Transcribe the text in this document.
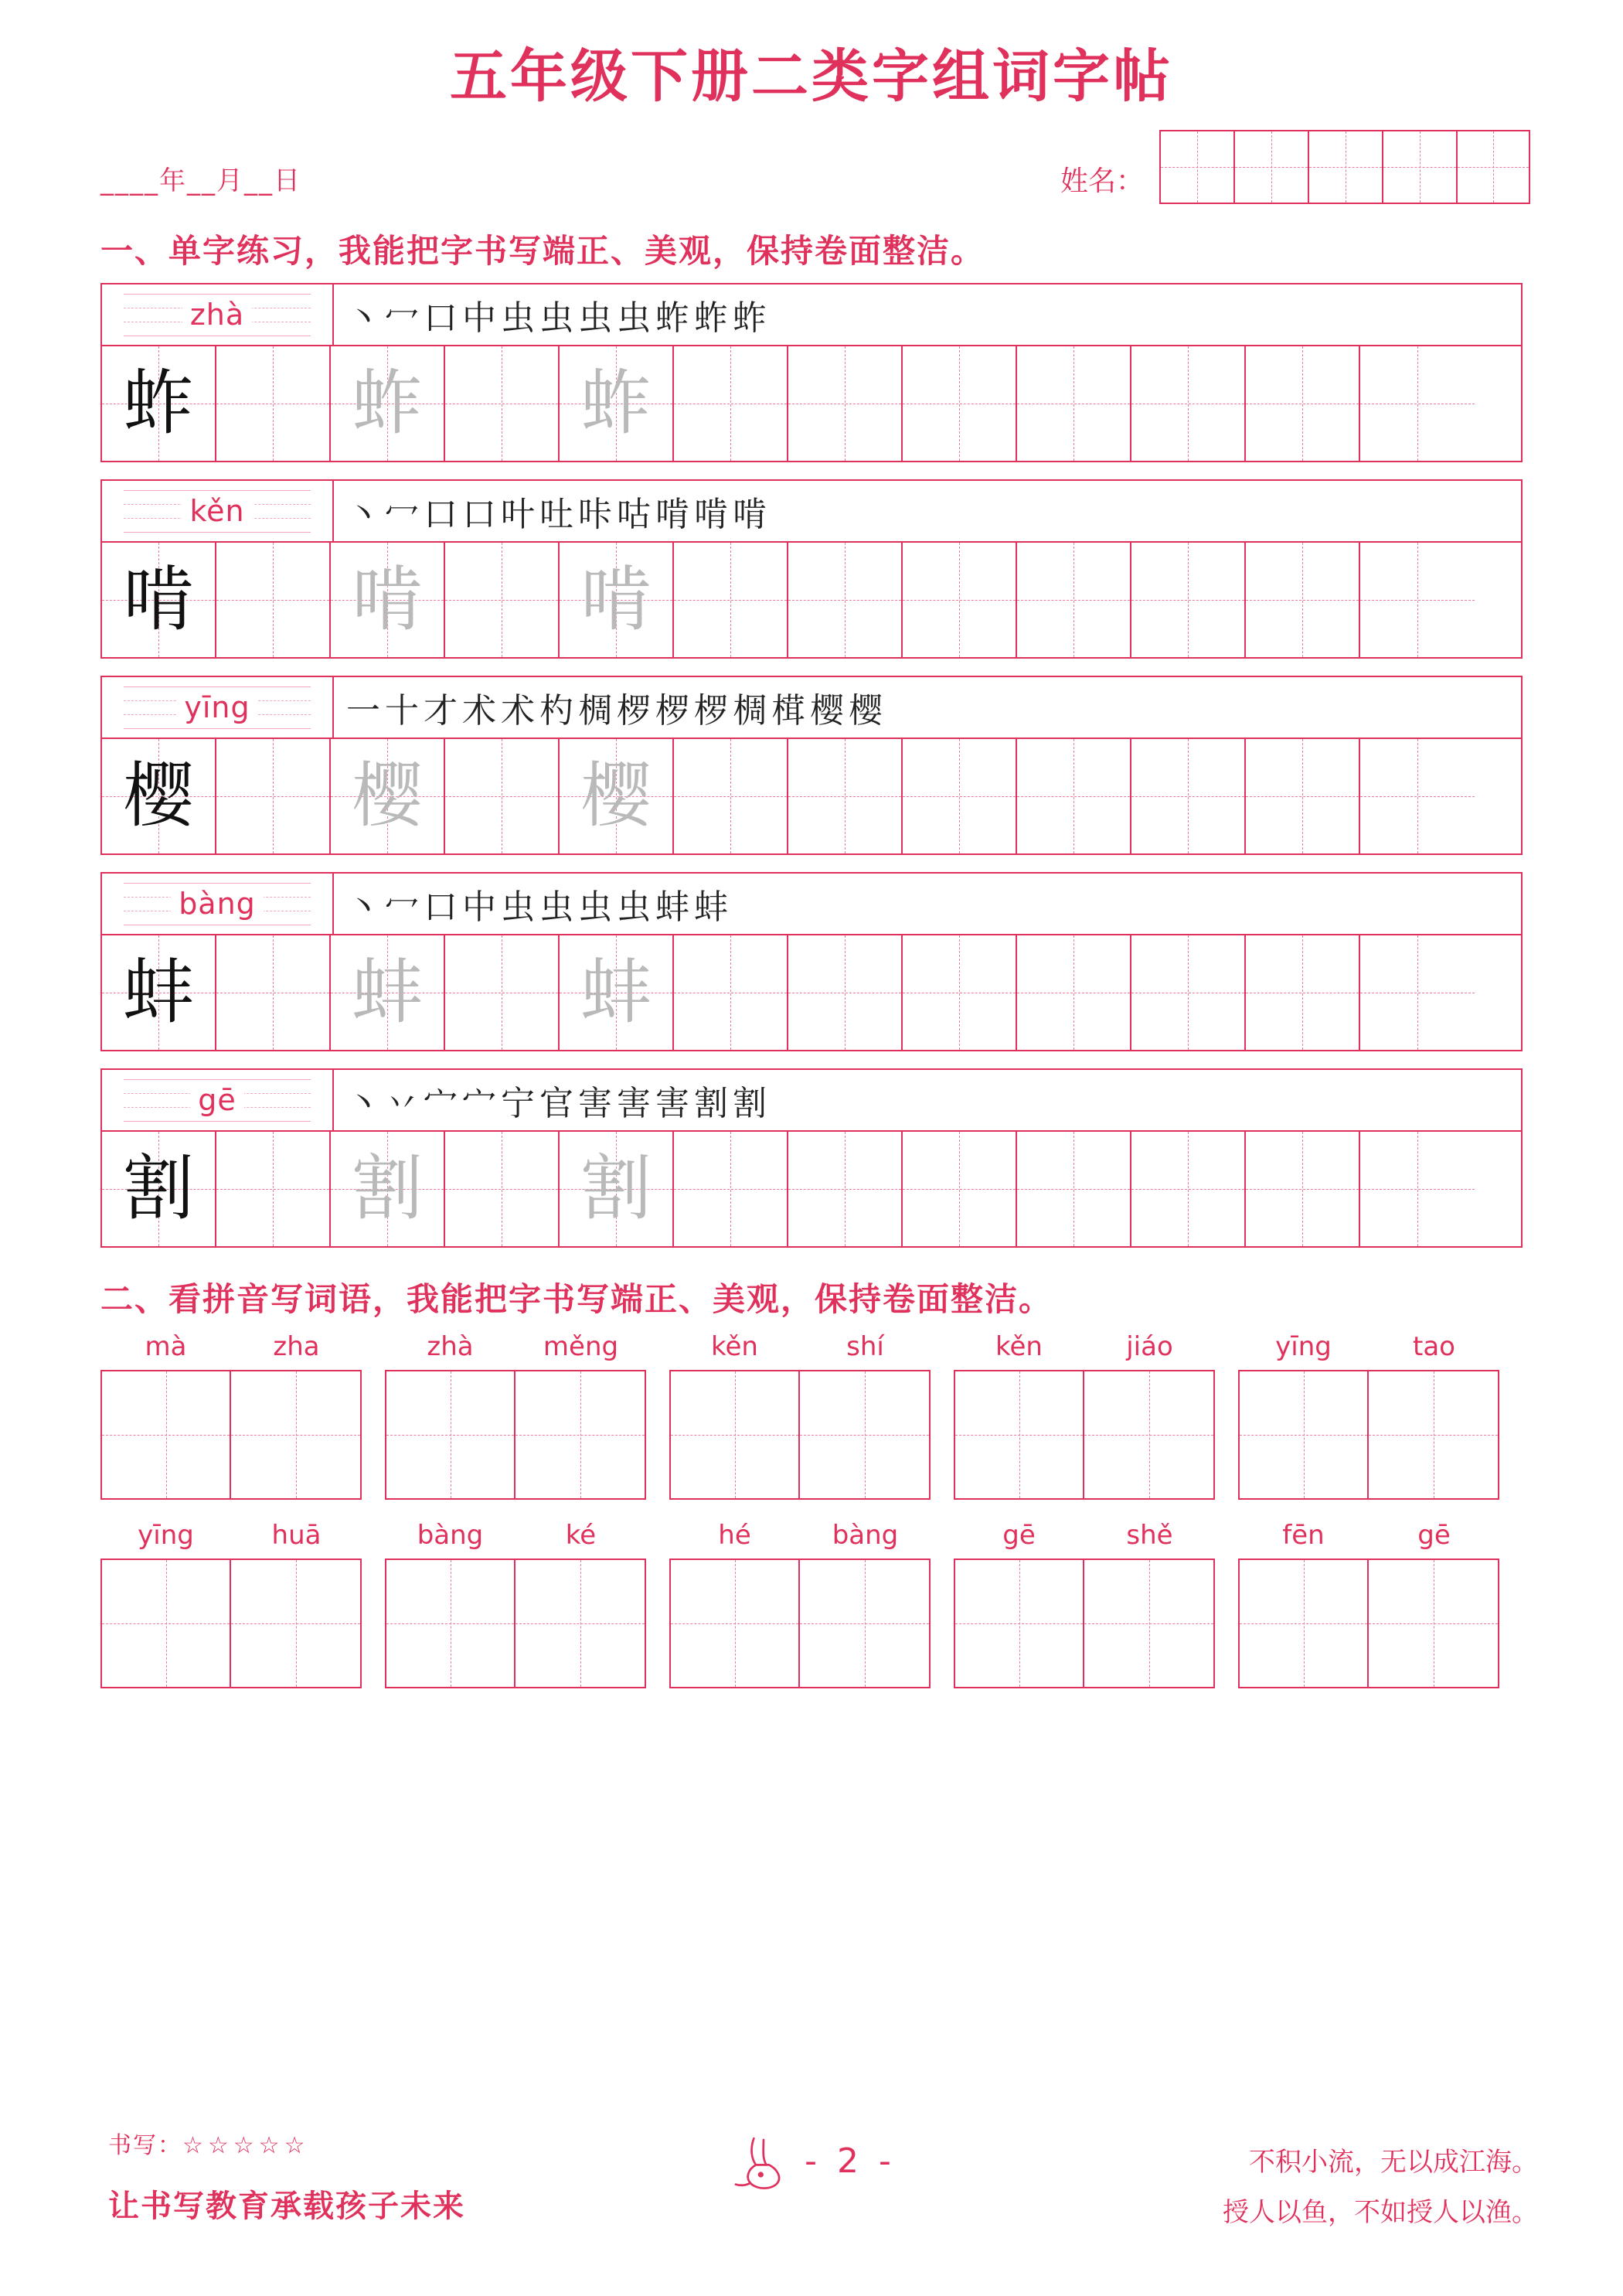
五年级下册二类字组词字帖
____年__月__日	姓名：
一、单字练习，我能把字书写端正、美观，保持卷面整洁。
zhà	丶 冖 口 中 虫 虫 虫 虫 蚱 蚱 蚱
蚱 蚱 蚱
kěn	丶 冖 口 口 叶 吐 咔 咕 啃 啃 啃
啃 啃 啃
yīng	一 十 才 术 术 杓 椆 椤 椤 椤 椆 榵 樱 樱
樱 樱 樱
bàng	丶 冖 口 中 虫 虫 虫 虫 蚌 蚌
蚌 蚌 蚌
gē	丶 丷 宀 宀 宁 官 害 害 害 割 割
割 割 割
二、看拼音写词语，我能把字书写端正、美观，保持卷面整洁。
mà	zha	zhà	měng	kěn	shí	kěn	jiáo	yīng	tao
yīng	huā	bàng	ké	hé	bàng	gē	shě	fēn	gē
书写：☆☆☆☆☆
让书写教育承载孩子未来
- 2 -	不积小流，无以成江海。
授人以鱼，不如授人以渔。
